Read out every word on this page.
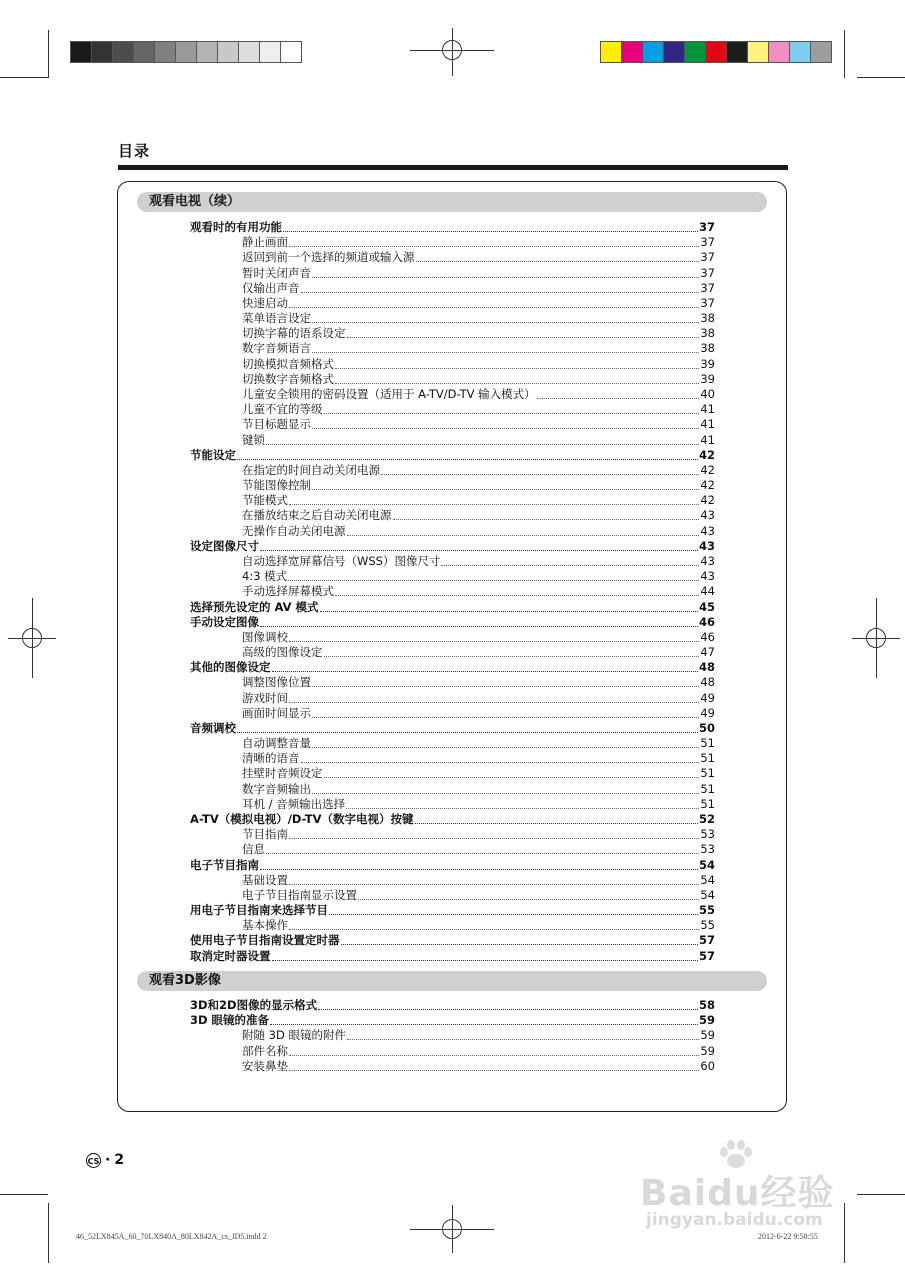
目录
观看电视（续）
观看时的有用功能	37
静止画面	37
返回到前一个选择的频道或输入源	37
暂时关闭声音	37
仅输出声音	37
快速启动	37
菜单语言设定	38
切换字幕的语系设定	38
数字音频语言	38
切换模拟音频格式	39
切换数字音频格式	39
儿童安全锁用的密码设置（适用于 A-TV/D-TV 输入模式）	40
儿童不宜的等级	41
节目标题显示	41
键锁	41
节能设定	42
在指定的时间自动关闭电源	42
节能图像控制	42
节能模式	42
在播放结束之后自动关闭电源	43
无操作自动关闭电源	43
设定图像尺寸	43
自动选择宽屏幕信号（WSS）图像尺寸	43
4:3 模式	43
手动选择屏幕模式	44
选择预先设定的 AV 模式	45
手动设定图像	46
图像调校	46
高级的图像设定	47
其他的图像设定	48
调整图像位置	48
游戏时间	49
画面时间显示	49
音频调校	50
自动调整音量	51
清晰的语音	51
挂壁时音频设定	51
数字音频输出	51
耳机 / 音频输出选择	51
A-TV（模拟电视）/D-TV（数字电视）按键	52
节目指南	53
信息	53
电子节目指南	54
基础设置	54
电子节目指南显示设置	54
用电子节目指南来选择节目	55
基本操作	55
使用电子节目指南设置定时器	57
取消定时器设置	57
观看3D影像
3D和2D图像的显示格式	58
3D 眼镜的准备	59
附随 3D 眼镜的附件	59
部件名称	59
安装鼻垫	60
CS · 2
46_52LX845A_60_70LX840A_80LX842A_cs_ID5.indd 2	2012-6-22 9:50:55
Baidu经验
jingyan.baidu.com
